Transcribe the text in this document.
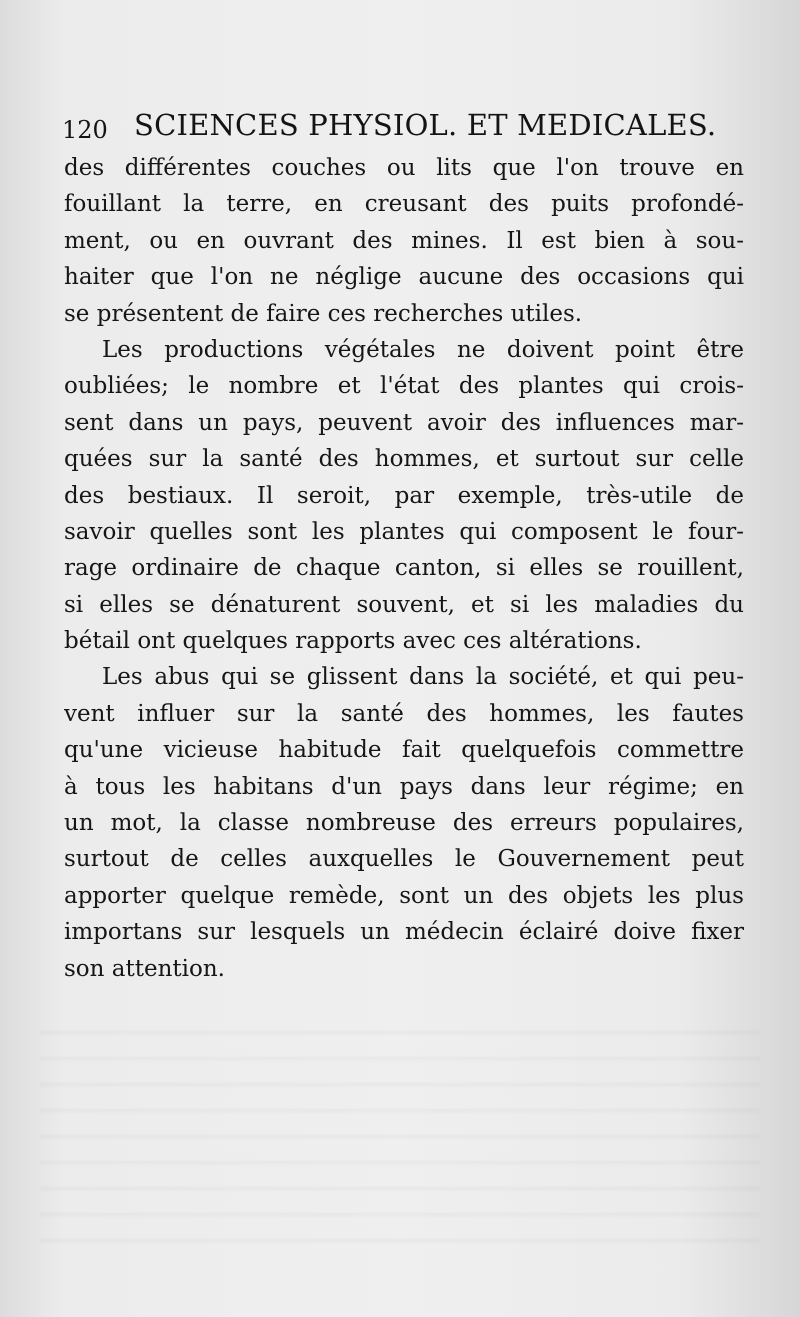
120 SCIENCES PHYSIOL. ET MEDICALES.
des différentes couches ou lits que l'on trouve en
fouillant la terre, en creusant des puits profondé-
ment, ou en ouvrant des mines. Il est bien à sou-
haiter que l'on ne néglige aucune des occasions qui
se présentent de faire ces recherches utiles.
Les productions végétales ne doivent point être
oubliées; le nombre et l'état des plantes qui crois-
sent dans un pays, peuvent avoir des influences mar-
quées sur la santé des hommes, et surtout sur celle
des bestiaux. Il seroit, par exemple, très-utile de
savoir quelles sont les plantes qui composent le four-
rage ordinaire de chaque canton, si elles se rouillent,
si elles se dénaturent souvent, et si les maladies du
bétail ont quelques rapports avec ces altérations.
Les abus qui se glissent dans la société, et qui peu-
vent influer sur la santé des hommes, les fautes
qu'une vicieuse habitude fait quelquefois commettre
à tous les habitans d'un pays dans leur régime; en
un mot, la classe nombreuse des erreurs populaires,
surtout de celles auxquelles le Gouvernement peut
apporter quelque remède, sont un des objets les plus
importans sur lesquels un médecin éclairé doive fixer
son attention.
